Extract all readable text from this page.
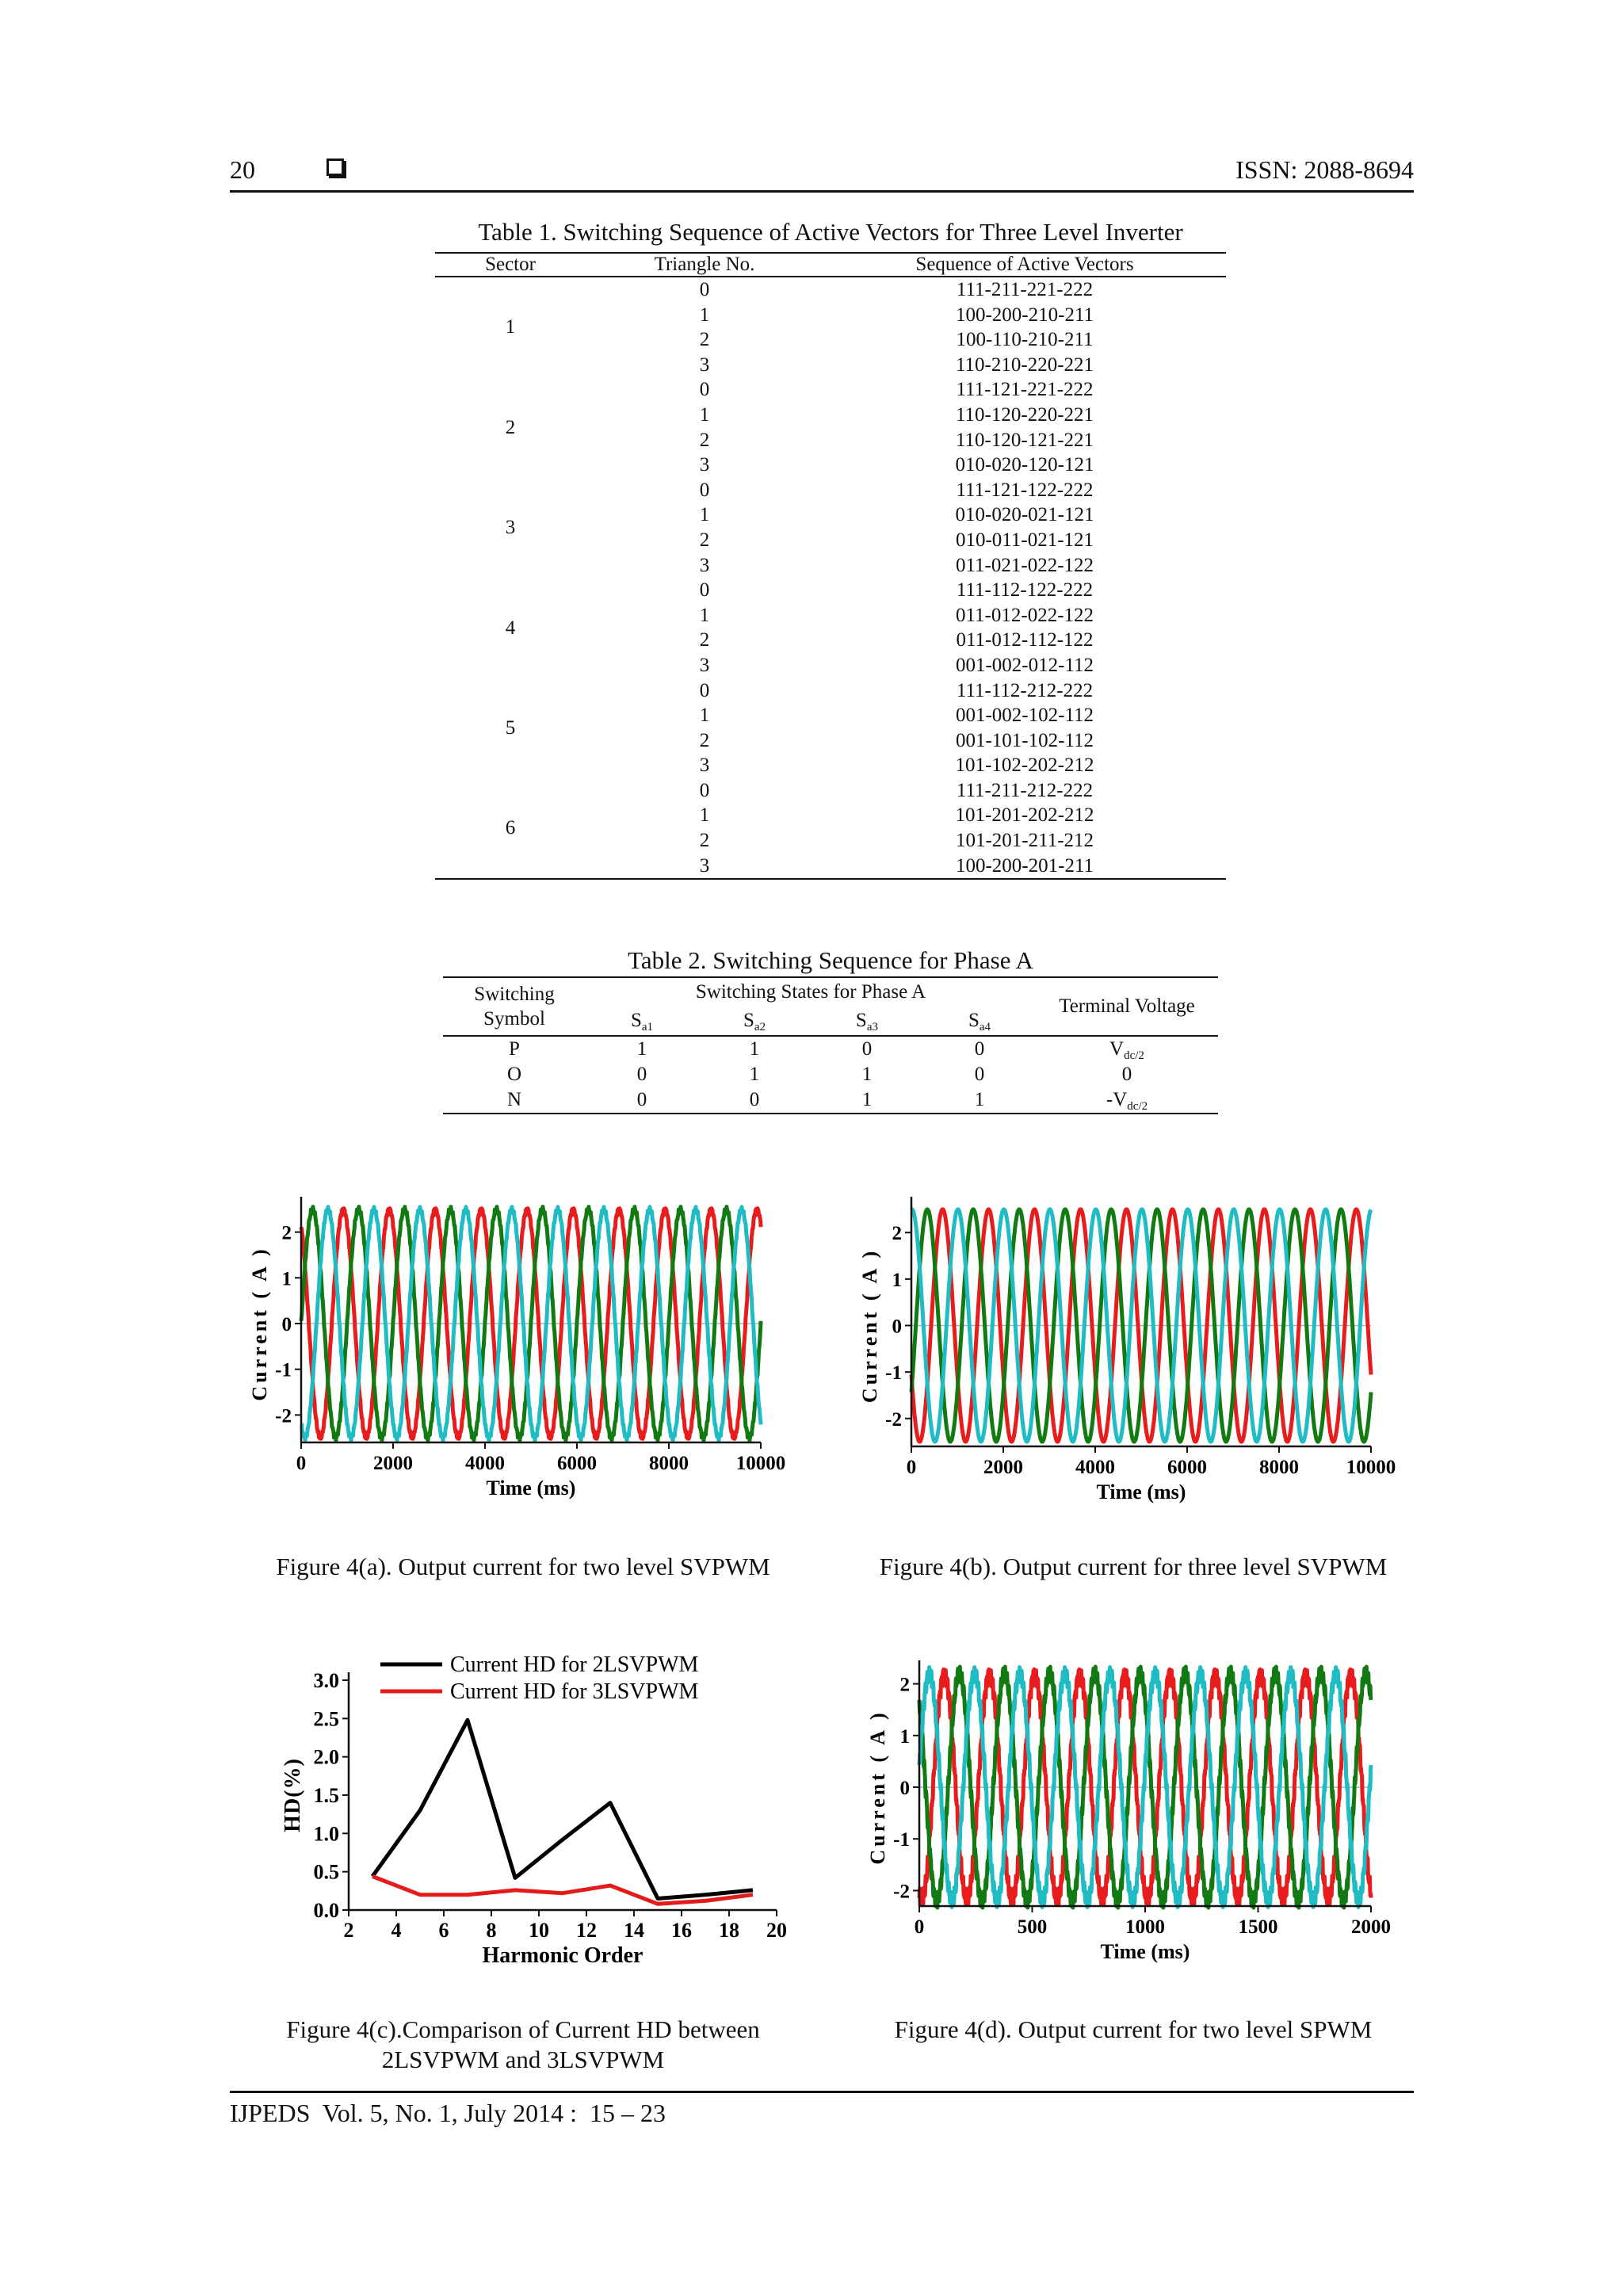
20	ISSN: 2088-8694
Table 1. Switching Sequence of Active Vectors for Three Level Inverter
Sector	Triangle No.	Sequence of Active Vectors
1	0	111-211-221-222
	1	100-200-210-211
	2	100-110-210-211
	3	110-210-220-221
2	0	111-121-221-222
	1	110-120-220-221
	2	110-120-121-221
	3	010-020-120-121
3	0	111-121-122-222
	1	010-020-021-121
	2	010-011-021-121
	3	011-021-022-122
4	0	111-112-122-222
	1	011-012-022-122
	2	011-012-112-122
	3	001-002-012-112
5	0	111-112-212-222
	1	001-002-102-112
	2	001-101-102-112
	3	101-102-202-212
6	0	111-211-212-222
	1	101-201-202-212
	2	101-201-211-212
	3	100-200-201-211
Table 2. Switching Sequence for Phase A
Switching Symbol	Switching States for Phase A				Terminal Voltage
	$S_{a1}$	$S_{a2}$	$S_{a3}$	$S_{a4}$
P	1	1	0	0	$V_{dc/2}$
O	0	1	1	0	0
N	0	0	1	1	$-V_{dc/2}$
0	2000	4000	6000	8000 10000
-2
-1
0
1
2
Time (ms)
Current ( A )
0	2000	4000	6000	8000 10000
-2
-1
0
1
2
Time (ms)
Current ( A )
2 4 6 8 10 12 14 16 18 20
0.0
0.5
1.0
1.5
2.0
2.5
3.0
Harmonic Order
HD(%)
Current HD for 2LSVPWM
Current HD for 3LSVPWM
0	500	1000	1500	2000
-2
-1
0
1
2
Time (ms)
Current ( A )
Figure 4(a). Output current for two level SVPWM	Figure 4(b). Output current for three level SVPWM
Figure 4(c).Comparison of Current HD between
2LSVPWM and 3LSVPWM
Figure 4(d). Output current for two level SPWM
IJPEDS  Vol. 5, No. 1, July 2014 :  15 – 23
